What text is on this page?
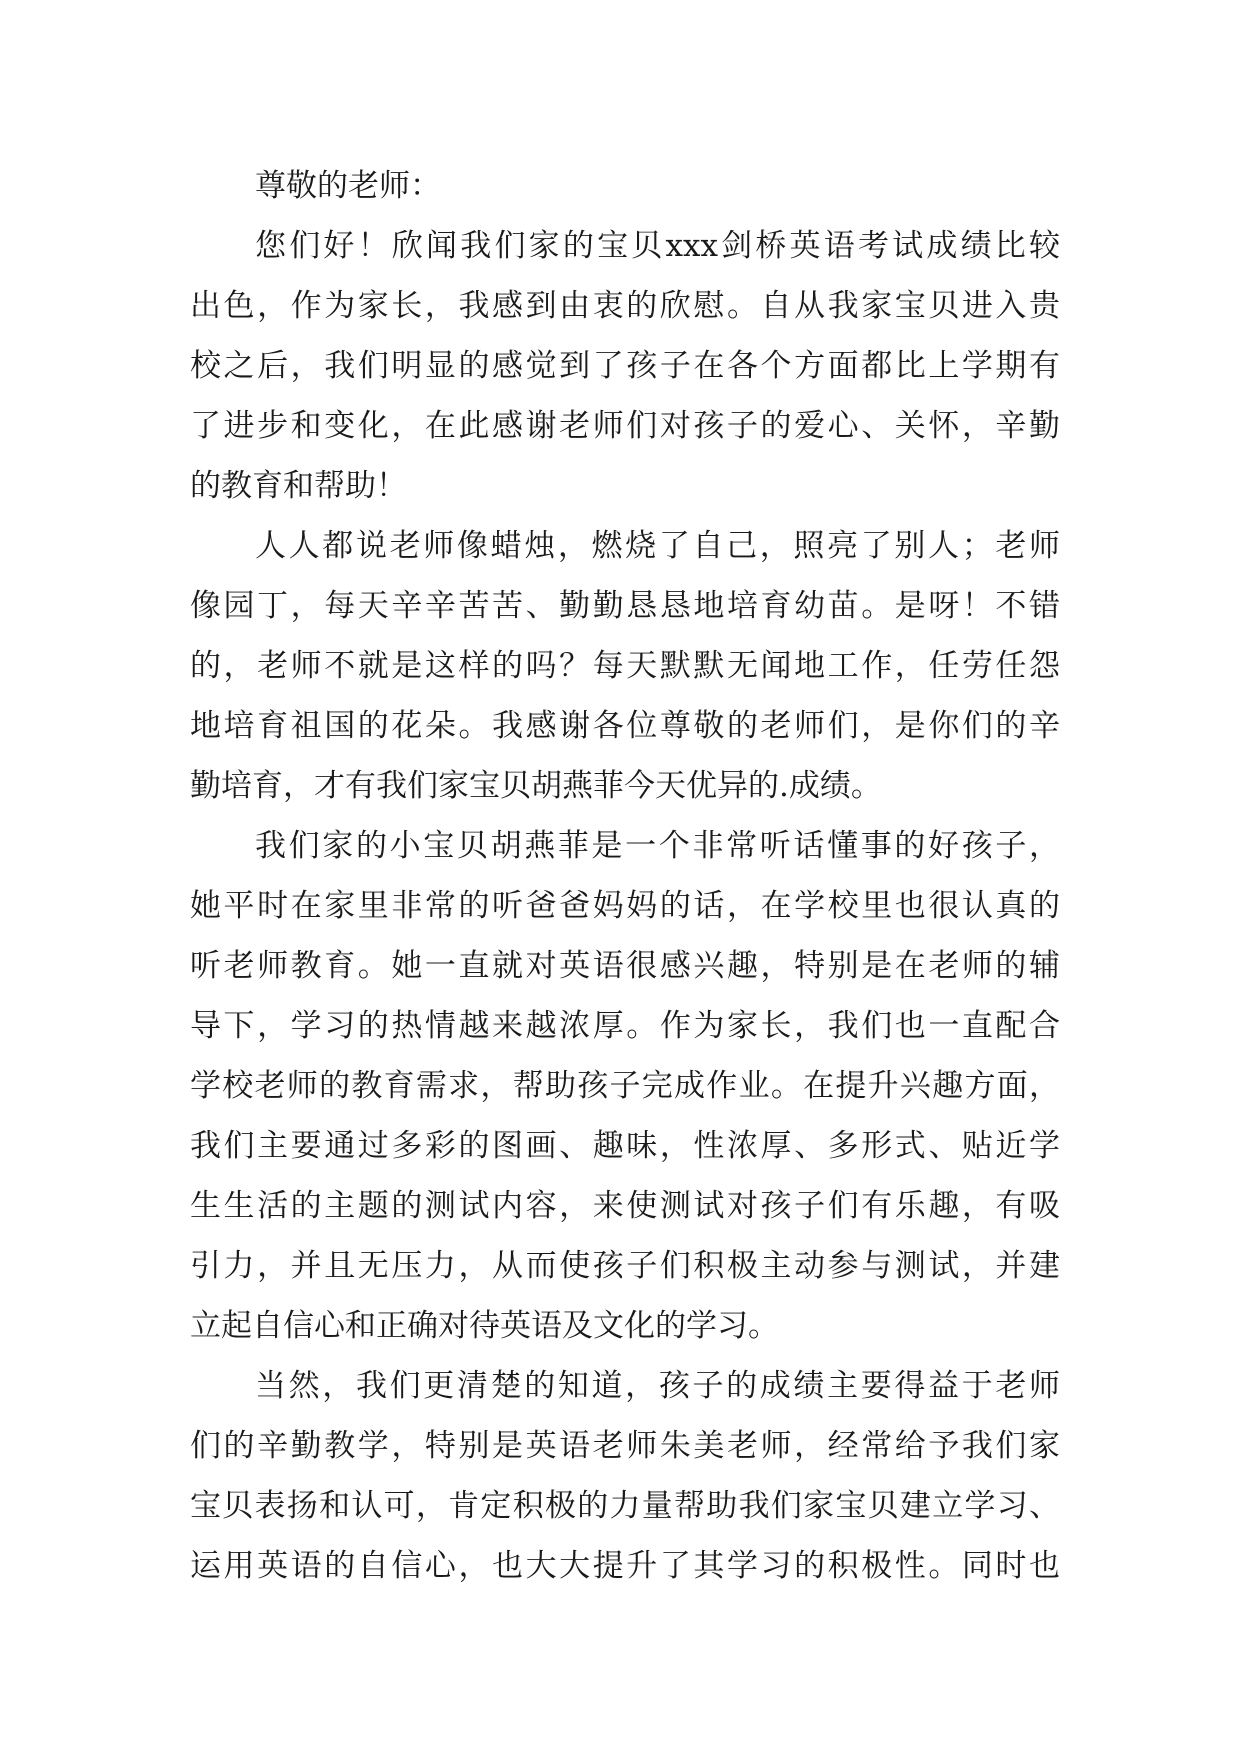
尊敬的老师：
您们好！欣闻我们家的宝贝xxx剑桥英语考试成绩比较
出色，作为家长，我感到由衷的欣慰。自从我家宝贝进入贵
校之后，我们明显的感觉到了孩子在各个方面都比上学期有
了进步和变化，在此感谢老师们对孩子的爱心、关怀，辛勤
的教育和帮助！
人人都说老师像蜡烛，燃烧了自己，照亮了别人；老师
像园丁，每天辛辛苦苦、勤勤恳恳地培育幼苗。是呀！不错
的，老师不就是这样的吗？每天默默无闻地工作，任劳任怨
地培育祖国的花朵。我感谢各位尊敬的老师们，是你们的辛
勤培育，才有我们家宝贝胡燕菲今天优异的.成绩。
我们家的小宝贝胡燕菲是一个非常听话懂事的好孩子，
她平时在家里非常的听爸爸妈妈的话，在学校里也很认真的
听老师教育。她一直就对英语很感兴趣，特别是在老师的辅
导下，学习的热情越来越浓厚。作为家长，我们也一直配合
学校老师的教育需求，帮助孩子完成作业。在提升兴趣方面，
我们主要通过多彩的图画、趣味，性浓厚、多形式、贴近学
生生活的主题的测试内容，来使测试对孩子们有乐趣，有吸
引力，并且无压力，从而使孩子们积极主动参与测试，并建
立起自信心和正确对待英语及文化的学习。
当然，我们更清楚的知道，孩子的成绩主要得益于老师
们的辛勤教学，特别是英语老师朱美老师，经常给予我们家
宝贝表扬和认可，肯定积极的力量帮助我们家宝贝建立学习、
运用英语的自信心，也大大提升了其学习的积极性。同时也
